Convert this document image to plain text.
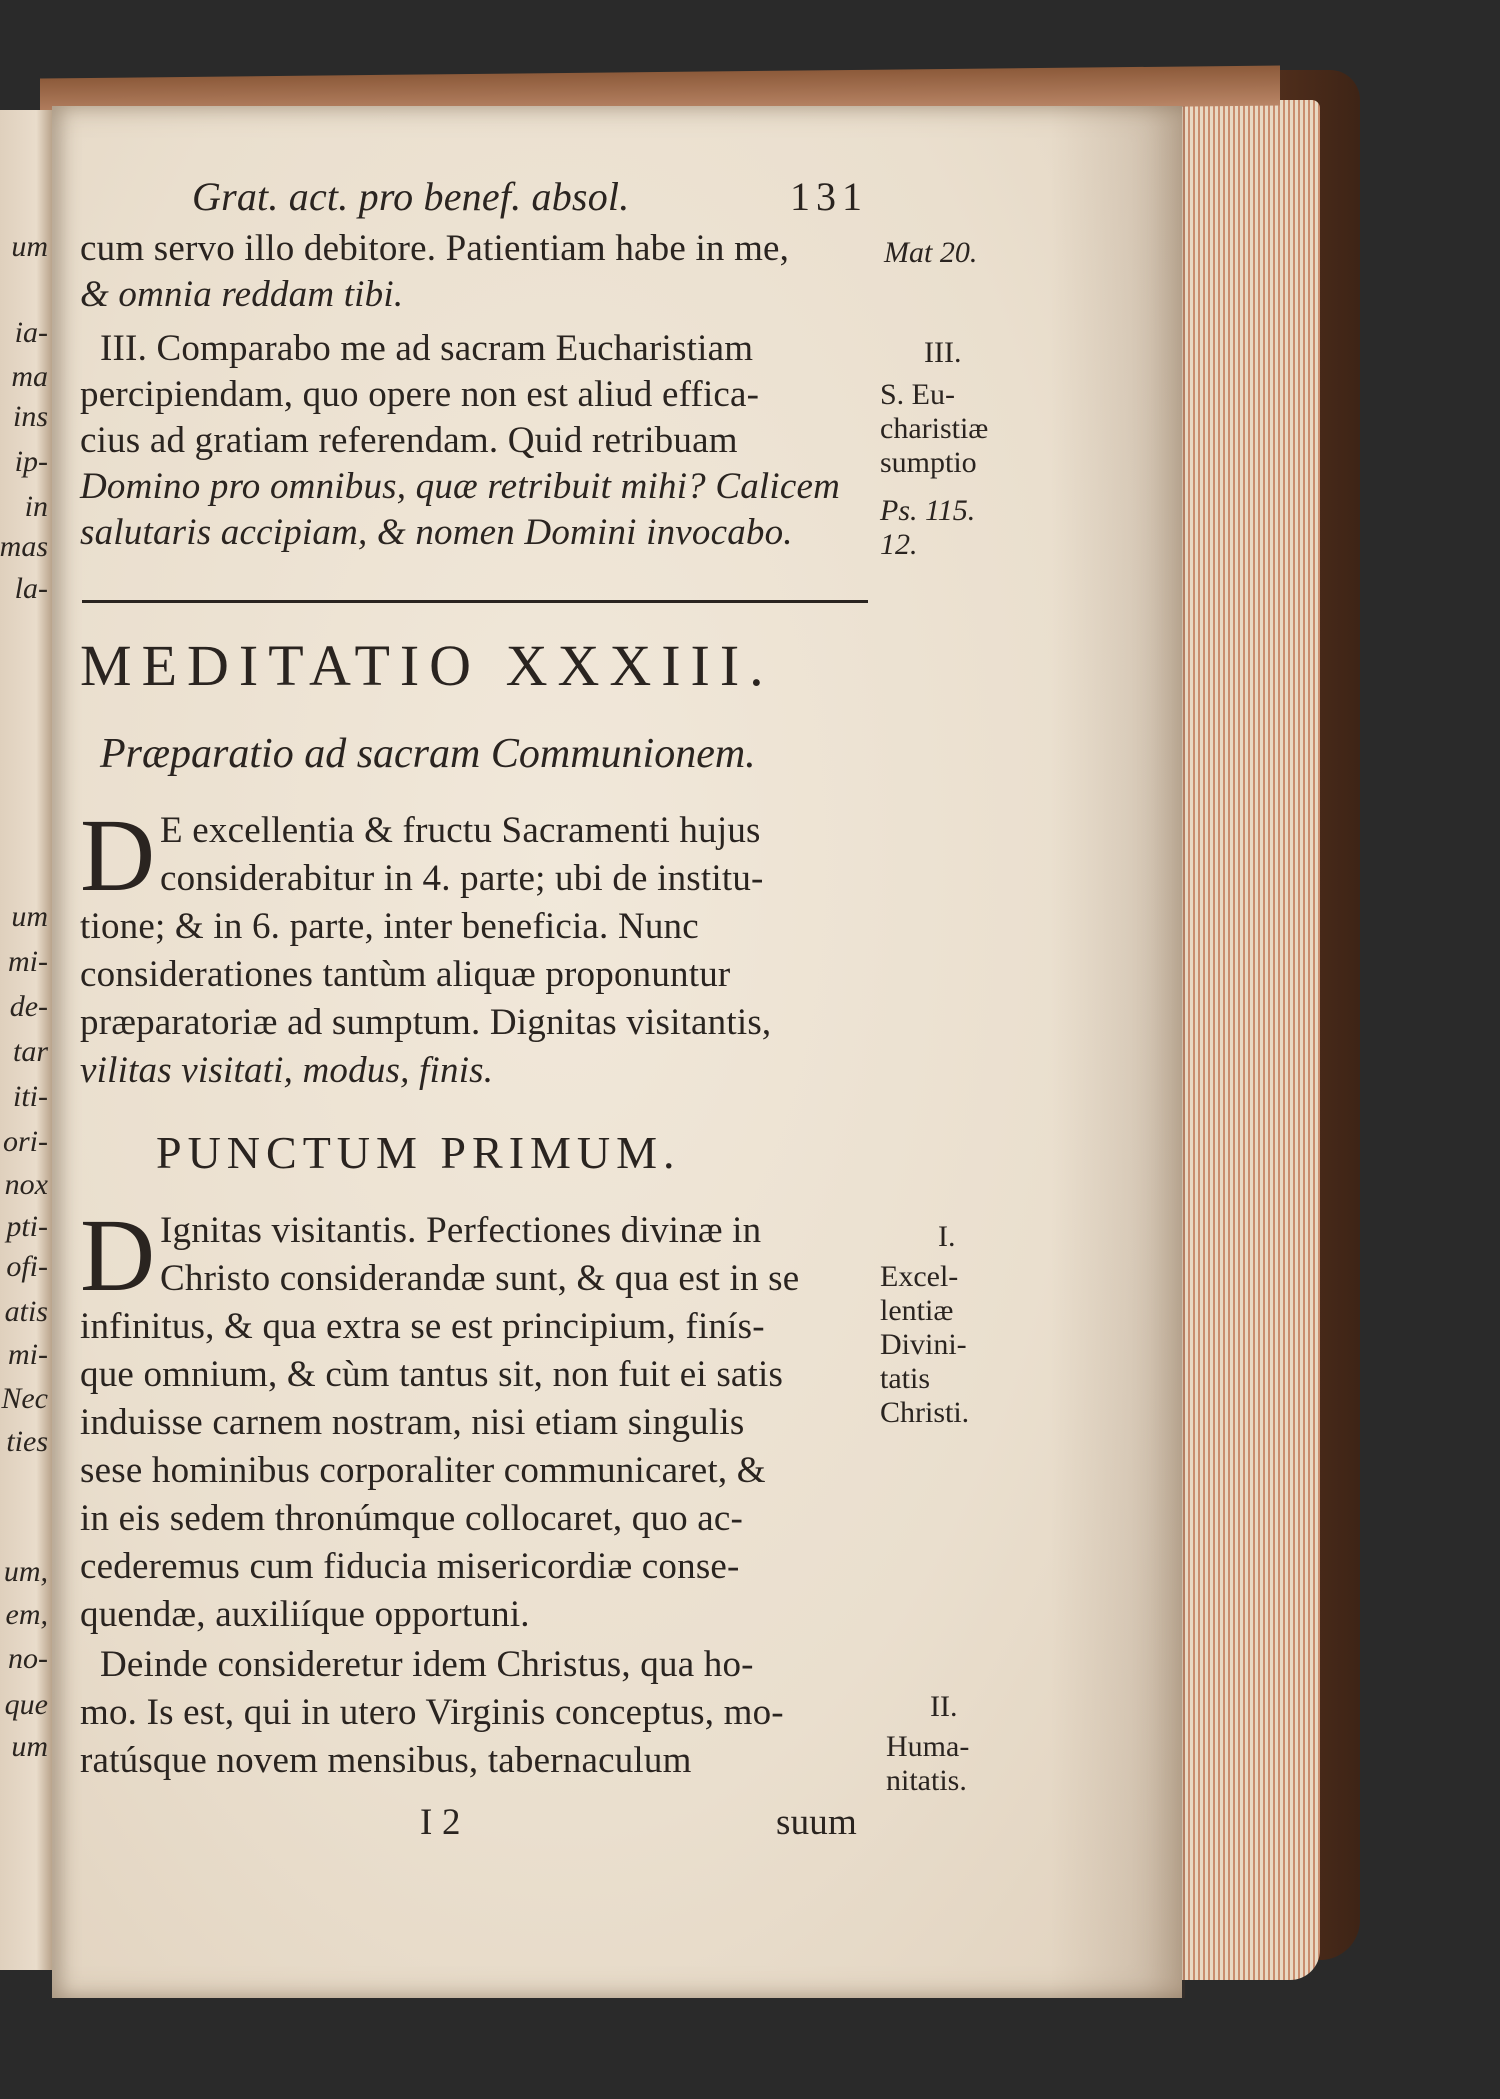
um
ia-
ma
ins
ip-
in
mas
la-
um
mi-
de-
tar
iti-
ori-
nox
pti-
ofi-
atis
mi-
Nec
ties
um,
em,
no-
que
um
Grat. act. pro benef. absol.	131
cum servo illo debitore. Patientiam habe in me,
& omnia reddam tibi.
III. Comparabo me ad sacram Eucharistiam
percipiendam, quo opere non est aliud effica-
cius ad gratiam referendam. Quid retribuam
Domino pro omnibus, quæ retribuit mihi? Calicem
salutaris accipiam, & nomen Domini invocabo.
MEDITATIO XXXIII.
Præparatio ad sacram Communionem.
D E excellentia & fructu Sacramenti hujus
considerabitur in 4. parte; ubi de institu-
tione; & in 6. parte, inter beneficia. Nunc
considerationes tantùm aliquæ proponuntur
præparatoriæ ad sumptum. Dignitas visitantis,
vilitas visitati, modus, finis.
PUNCTUM PRIMUM.
D Ignitas visitantis. Perfectiones divinæ in
Christo considerandæ sunt, & qua est in se
infinitus, & qua extra se est principium, finís-
que omnium, & cùm tantus sit, non fuit ei satis
induisse carnem nostram, nisi etiam singulis
sese hominibus corporaliter communicaret, &
in eis sedem thronúmque collocaret, quo ac-
cederemus cum fiducia misericordiæ conse-
quendæ, auxiliíque opportuni.
Deinde consideretur idem Christus, qua ho-
mo. Is est, qui in utero Virginis conceptus, mo-
ratúsque novem mensibus, tabernaculum
I 2	suum
Mat 20.
III.
S. Eu-
charistiæ
sumptio
Ps. 115.
12.
I.
Excel-
lentiæ
Divini-
tatis
Christi.
II.
Huma-
nitatis.
